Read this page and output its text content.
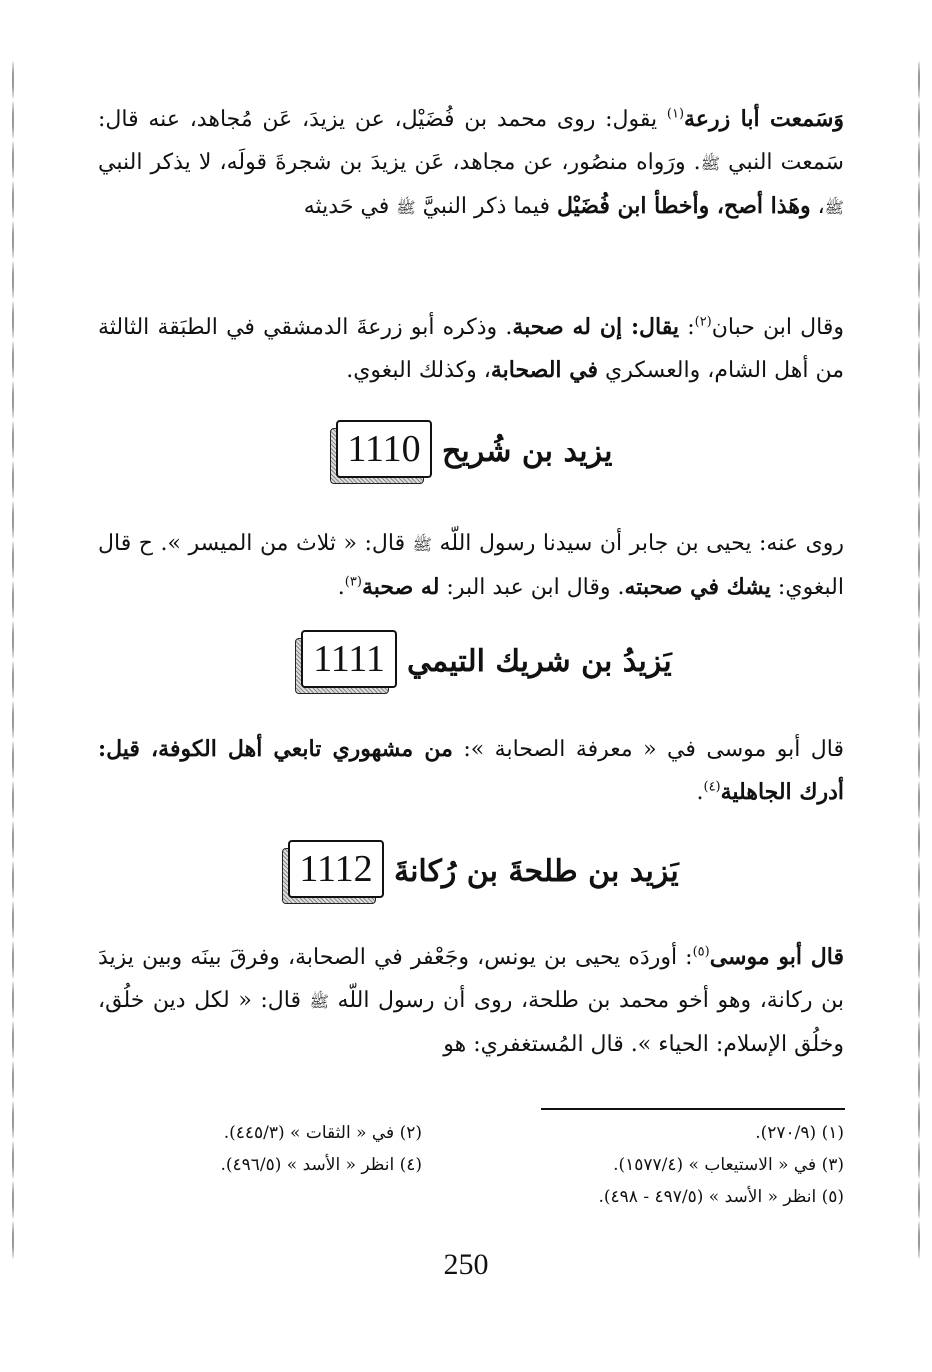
وَسَمعت أبا زرعة$^{(١)}$ يقول: روى محمد بن فُضَيْل، عن يزيدَ، عَن مُجاهد، عنه قال: سَمعت النبي ﷺ. ورَواه منصُور، عن مجاهد، عَن يزيدَ بن شجرةَ قولَه، لا يذكر النبي ﷺ، وهَذا أصح، وأخطأ ابن فُضَيْل فيما ذكر النبيَّ ﷺ في حَديثه

وقال ابن حبان$^{(٢)}$: يقال: إن له صحبة. وذكره أبو زرعةَ الدمشقي في الطبَقة الثالثة من أهل الشام، والعسكري في الصحابة، وكذلك البغوي.

1110 يزيد بن شُريح

روى عنه: يحيى بن جابر أن سيدنا رسول اللّه ﷺ قال: « ثلاث من الميسر ». ح قال البغوي: يشك في صحبته. وقال ابن عبد البر: له صحبة$^{(٣)}$.

1111 يَزيدُ بن شريك التيمي

قال أبو موسى في « معرفة الصحابة »: من مشهوري تابعي أهل الكوفة، قيل: أدرك الجاهلية$^{(٤)}$.

1112 يَزيد بن طلحةَ بن رُكانةَ

قال أبو موسى$^{(٥)}$: أوردَه يحيى بن يونس، وجَعْفر في الصحابة، وفرقَ بينَه وبين يزيدَ بن ركانة، وهو أخو محمد بن طلحة، روى أن رسول اللّه ﷺ قال: « لكل دين خلُق، وخلُق الإسلام: الحياء ». قال المُستغفري: هو

(١) (٢٧٠/٩).
(٢) في « الثقات » (٤٤٥/٣).
(٣) في « الاستيعاب » (١٥٧٧/٤).
(٤) انظر « الأسد » (٤٩٦/٥).
(٥) انظر « الأسد » (٤٩٧/٥ - ٤٩٨).
250
